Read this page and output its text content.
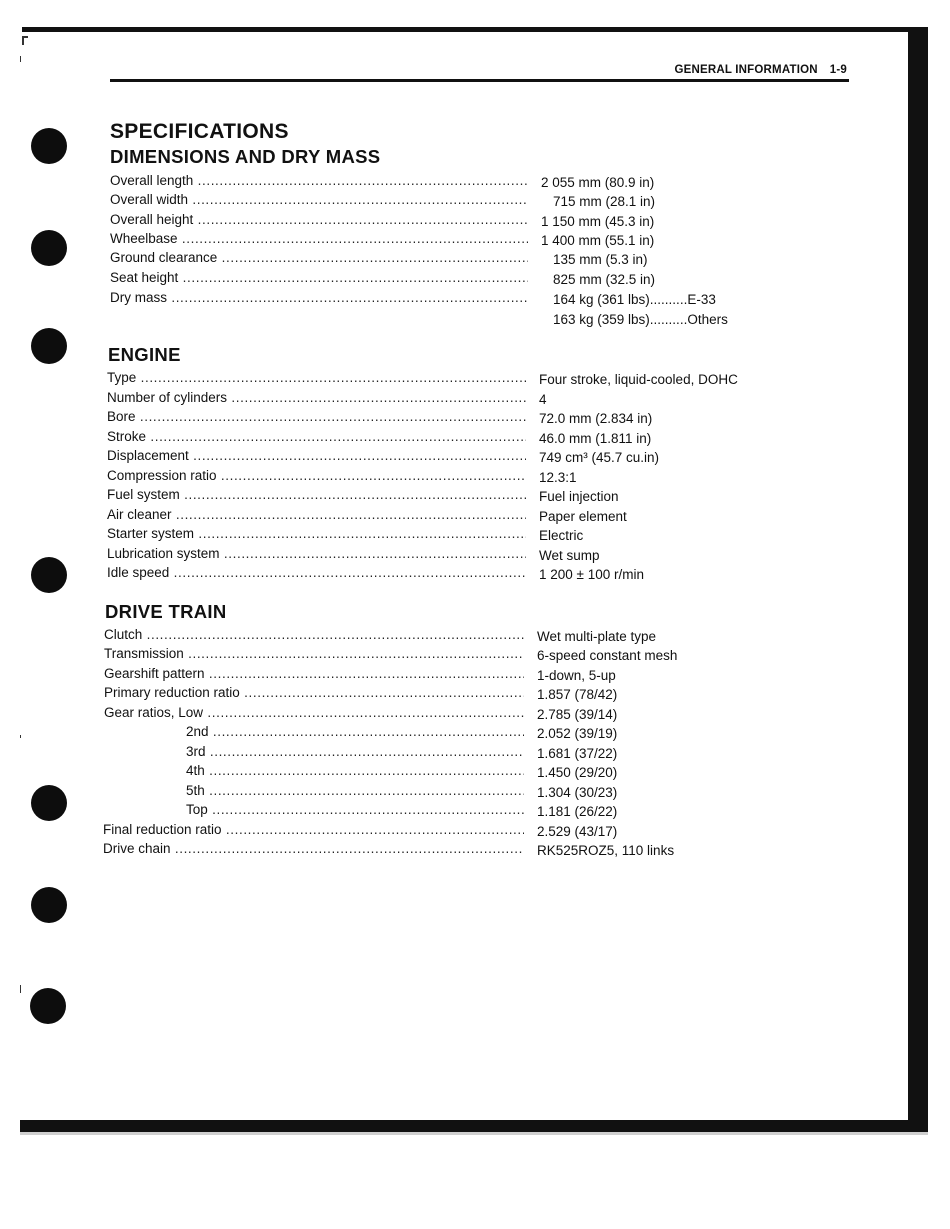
GENERAL INFORMATION 1-9
SPECIFICATIONS
DIMENSIONS AND DRY MASS
Overall length .....	2 055 mm (80.9 in)
Overall width .....	715 mm (28.1 in)
Overall height .....	1 150 mm (45.3 in)
Wheelbase .....	1 400 mm (55.1 in)
Ground clearance .....	135 mm (5.3 in)
Seat height .....	825 mm (32.5 in)
Dry mass .....	164 kg (361 lbs)..........E-33
163 kg (359 lbs)..........Others
ENGINE
Type .....	Four stroke, liquid-cooled, DOHC
Number of cylinders .....	4
Bore .....	72.0 mm (2.834 in)
Stroke .....	46.0 mm (1.811 in)
Displacement .....	749 cm³ (45.7 cu.in)
Compression ratio .....	12.3:1
Fuel system .....	Fuel injection
Air cleaner .....	Paper element
Starter system .....	Electric
Lubrication system .....	Wet sump
Idle speed .....	1 200 ± 100 r/min
DRIVE TRAIN
Clutch .....	Wet multi-plate type
Transmission .....	6-speed constant mesh
Gearshift pattern .....	1-down, 5-up
Primary reduction ratio .....	1.857 (78/42)
Gear ratios, Low .....	2.785 (39/14)
2nd .....	2.052 (39/19)
3rd .....	1.681 (37/22)
4th .....	1.450 (29/20)
5th .....	1.304 (30/23)
Top .....	1.181 (26/22)
Final reduction ratio .....	2.529 (43/17)
Drive chain .....	RK525ROZ5, 110 links
